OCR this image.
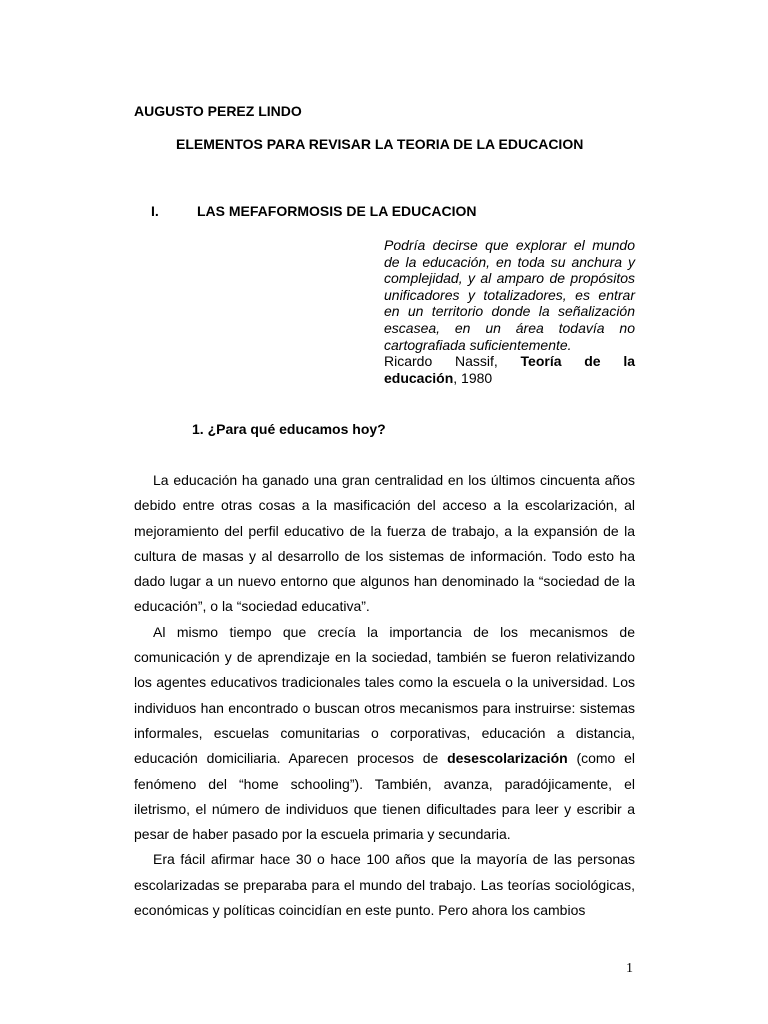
AUGUSTO PEREZ LINDO
ELEMENTOS PARA REVISAR LA TEORIA DE LA EDUCACION
I.	LAS MEFAFORMOSIS DE LA EDUCACION
Podría decirse que explorar el mundo de la educación, en toda su anchura y complejidad, y al amparo de propósitos unificadores y totalizadores, es entrar en un territorio donde la señalización escasea, en un área todavía no cartografiada suficientemente.
Ricardo Nassif, Teoría de la educación, 1980
1. ¿Para qué educamos hoy?

La educación ha ganado una gran centralidad en los últimos cincuenta años debido entre otras cosas a la masificación del acceso a la escolarización, al mejoramiento del perfil educativo de la fuerza de trabajo, a la expansión de la cultura de masas y al desarrollo de los sistemas de información. Todo esto ha dado lugar a un nuevo entorno que algunos han denominado la “sociedad de la educación”, o la “sociedad educativa”.

Al mismo tiempo que crecía la importancia de los mecanismos de comunicación y de aprendizaje en la sociedad, también se fueron relativizando los agentes educativos tradicionales tales como la escuela o la universidad. Los individuos han encontrado o buscan otros mecanismos para instruirse: sistemas informales, escuelas comunitarias o corporativas, educación a distancia, educación domiciliaria. Aparecen procesos de desescolarización (como el fenómeno del “home schooling”). También, avanza, paradójicamente, el iletrismo, el número de individuos que tienen dificultades para leer y escribir a pesar de haber pasado por la escuela primaria y secundaria.

Era fácil afirmar hace 30 o hace 100 años que la mayoría de las personas escolarizadas se preparaba para el mundo del trabajo. Las teorías sociológicas, económicas y políticas coincidían en este punto. Pero ahora los cambios

1
